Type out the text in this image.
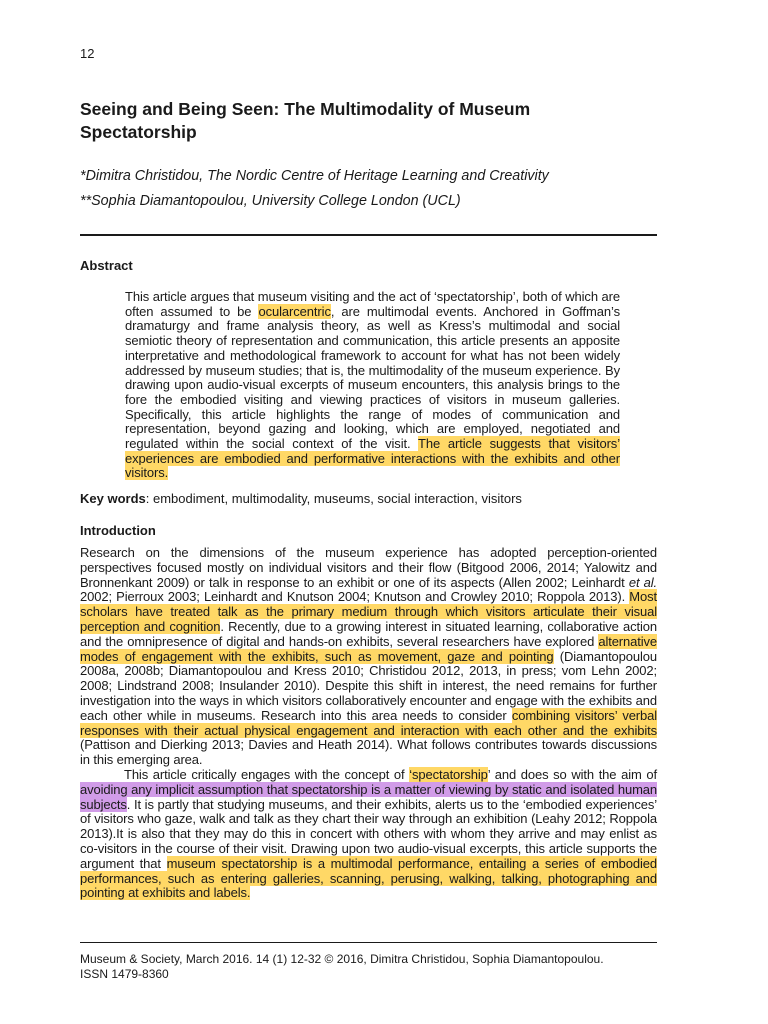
12
Seeing and Being Seen: The Multimodality of Museum Spectatorship
*Dimitra Christidou, The Nordic Centre of Heritage Learning and Creativity
**Sophia Diamantopoulou, University College London (UCL)
Abstract

This article argues that museum visiting and the act of ‘spectatorship’, both of which are often assumed to be ocularcentric, are multimodal events. Anchored in Goffman’s dramaturgy and frame analysis theory, as well as Kress’s multimodal and social semiotic theory of representation and communication, this article presents an apposite interpretative and methodological framework to account for what has not been widely addressed by museum studies; that is, the multimodality of the museum experience. By drawing upon audio-visual excerpts of museum encounters, this analysis brings to the fore the embodied visiting and viewing practices of visitors in museum galleries. Specifically, this article highlights the range of modes of communication and representation, beyond gazing and looking, which are employed, negotiated and regulated within the social context of the visit. The article suggests that visitors’ experiences are embodied and performative interactions with the exhibits and other visitors.

Key words: embodiment, multimodality, museums, social interaction, visitors
Introduction

Research on the dimensions of the museum experience has adopted perception-oriented perspectives focused mostly on individual visitors and their flow (Bitgood 2006, 2014; Yalowitz and Bronnenkant 2009) or talk in response to an exhibit or one of its aspects (Allen 2002; Leinhardt et al. 2002; Pierroux 2003; Leinhardt and Knutson 2004; Knutson and Crowley 2010; Roppola 2013). Most scholars have treated talk as the primary medium through which visitors articulate their visual perception and cognition. Recently, due to a growing interest in situated learning, collaborative action and the omnipresence of digital and hands-on exhibits, several researchers have explored alternative modes of engagement with the exhibits, such as movement, gaze and pointing (Diamantopoulou 2008a, 2008b; Diamantopoulou and Kress 2010; Christidou 2012, 2013, in press; vom Lehn 2002; 2008; Lindstrand 2008; Insulander 2010). Despite this shift in interest, the need remains for further investigation into the ways in which visitors collaboratively encounter and engage with the exhibits and each other while in museums. Research into this area needs to consider combining visitors’ verbal responses with their actual physical engagement and interaction with each other and the exhibits (Pattison and Dierking 2013; Davies and Heath 2014). What follows contributes towards discussions in this emerging area.

This article critically engages with the concept of ‘spectatorship’ and does so with the aim of avoiding any implicit assumption that spectatorship is a matter of viewing by static and isolated human subjects. It is partly that studying museums, and their exhibits, alerts us to the ‘embodied experiences’ of visitors who gaze, walk and talk as they chart their way through an exhibition (Leahy 2012; Roppola 2013).It is also that they may do this in concert with others with whom they arrive and may enlist as co-visitors in the course of their visit. Drawing upon two audio-visual excerpts, this article supports the argument that museum spectatorship is a multimodal performance, entailing a series of embodied performances, such as entering galleries, scanning, perusing, walking, talking, photographing and pointing at exhibits and labels.

Museum & Society, March 2016. 14 (1) 12-32 © 2016, Dimitra Christidou, Sophia Diamantopoulou.
ISSN 1479-8360
